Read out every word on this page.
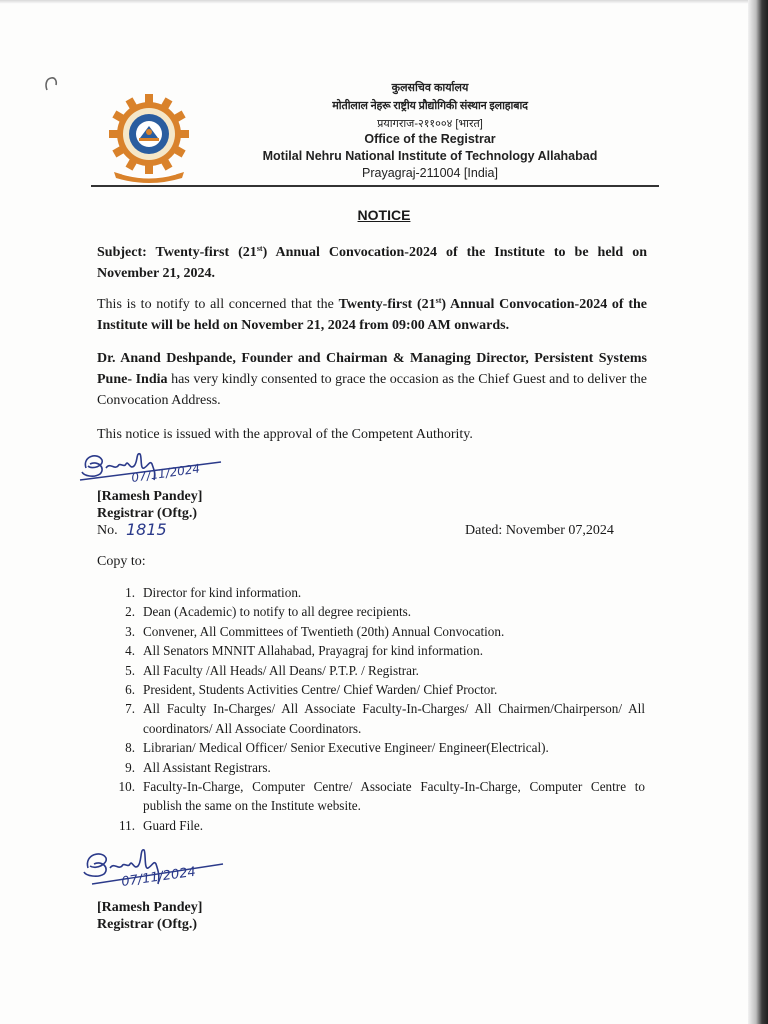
कुलसचिव कार्यालय
मोतीलाल नेहरू राष्ट्रीय प्रौद्योगिकी संस्थान इलाहाबाद
प्रयागराज-२११००४ [भारत]
Office of the Registrar
Motilal Nehru National Institute of Technology Allahabad
Prayagraj-211004 [India]
NOTICE
Subject: Twenty-first (21st) Annual Convocation-2024 of the Institute to be held on November 21, 2024.
This is to notify to all concerned that the Twenty-first (21st) Annual Convocation-2024 of the Institute will be held on November 21, 2024 from 09:00 AM onwards.
Dr. Anand Deshpande, Founder and Chairman & Managing Director, Persistent Systems Pune- India has very kindly consented to grace the occasion as the Chief Guest and to deliver the Convocation Address.
This notice is issued with the approval of the Competent Authority.
07/11/2024
[Ramesh Pandey]
Registrar (Oftg.)
No. 1815	Dated: November 07,2024
Copy to:
1. Director for kind information.
2. Dean (Academic) to notify to all degree recipients.
3. Convener, All Committees of Twentieth (20th) Annual Convocation.
4. All Senators MNNIT Allahabad, Prayagraj for kind information.
5. All Faculty /All Heads/ All Deans/ P.T.P. / Registrar.
6. President, Students Activities Centre/ Chief Warden/ Chief Proctor.
7. All Faculty In-Charges/ All Associate Faculty-In-Charges/ All Chairmen/Chairperson/ All coordinators/ All Associate Coordinators.
8. Librarian/ Medical Officer/ Senior Executive Engineer/ Engineer(Electrical).
9. All Assistant Registrars.
10. Faculty-In-Charge, Computer Centre/ Associate Faculty-In-Charge, Computer Centre to publish the same on the Institute website.
11. Guard File.
07/11/2024
[Ramesh Pandey]
Registrar (Oftg.)
